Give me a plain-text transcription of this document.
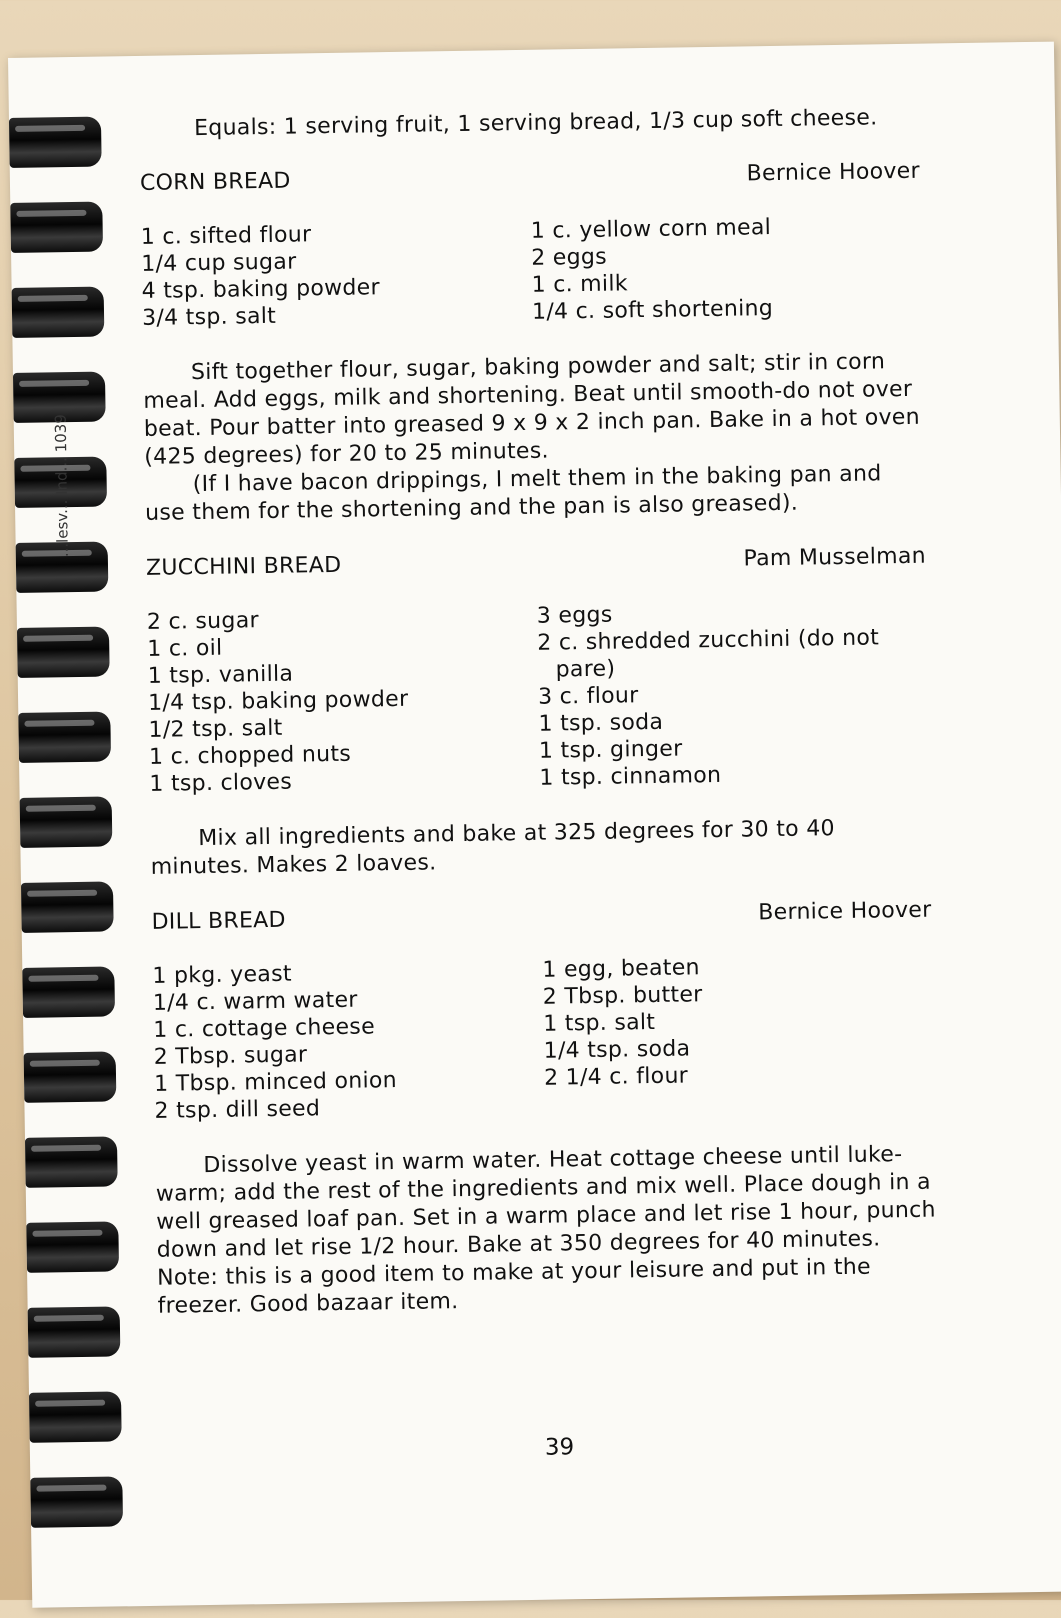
...lesv... Ind... 1039
Equals: 1 serving fruit, 1 serving bread, 1/3 cup soft cheese.
CORN BREAD	Bernice Hoover
1 c. sifted flour
1/4 cup sugar
4 tsp. baking powder
3/4 tsp. salt
1 c. yellow corn meal
2 eggs
1 c. milk
1/4 c. soft shortening

Sift together flour, sugar, baking powder and salt; stir in corn meal. Add eggs, milk and shortening. Beat until smooth-do not over beat. Pour batter into greased 9 x 9 x 2 inch pan. Bake in a hot oven (425 degrees) for 20 to 25 minutes.

(If I have bacon drippings, I melt them in the baking pan and use them for the shortening and the pan is also greased).

ZUCCHINI BREAD	Pam Musselman
2 c. sugar
1 c. oil
1 tsp. vanilla
1/4 tsp. baking powder
1/2 tsp. salt
1 c. chopped nuts
1 tsp. cloves
3 eggs
2 c. shredded zucchini (do not
pare)
3 c. flour
1 tsp. soda
1 tsp. ginger
1 tsp. cinnamon

Mix all ingredients and bake at 325 degrees for 30 to 40 minutes. Makes 2 loaves.

DILL BREAD	Bernice Hoover
1 pkg. yeast
1/4 c. warm water
1 c. cottage cheese
2 Tbsp. sugar
1 Tbsp. minced onion
2 tsp. dill seed
1 egg, beaten
2 Tbsp. butter
1 tsp. salt
1/4 tsp. soda
2 1/4 c. flour

Dissolve yeast in warm water. Heat cottage cheese until luke-warm; add the rest of the ingredients and mix well. Place dough in a well greased loaf pan. Set in a warm place and let rise 1 hour, punch down and let rise 1/2 hour. Bake at 350 degrees for 40 minutes. Note: this is a good item to make at your leisure and put in the freezer. Good bazaar item.

39
